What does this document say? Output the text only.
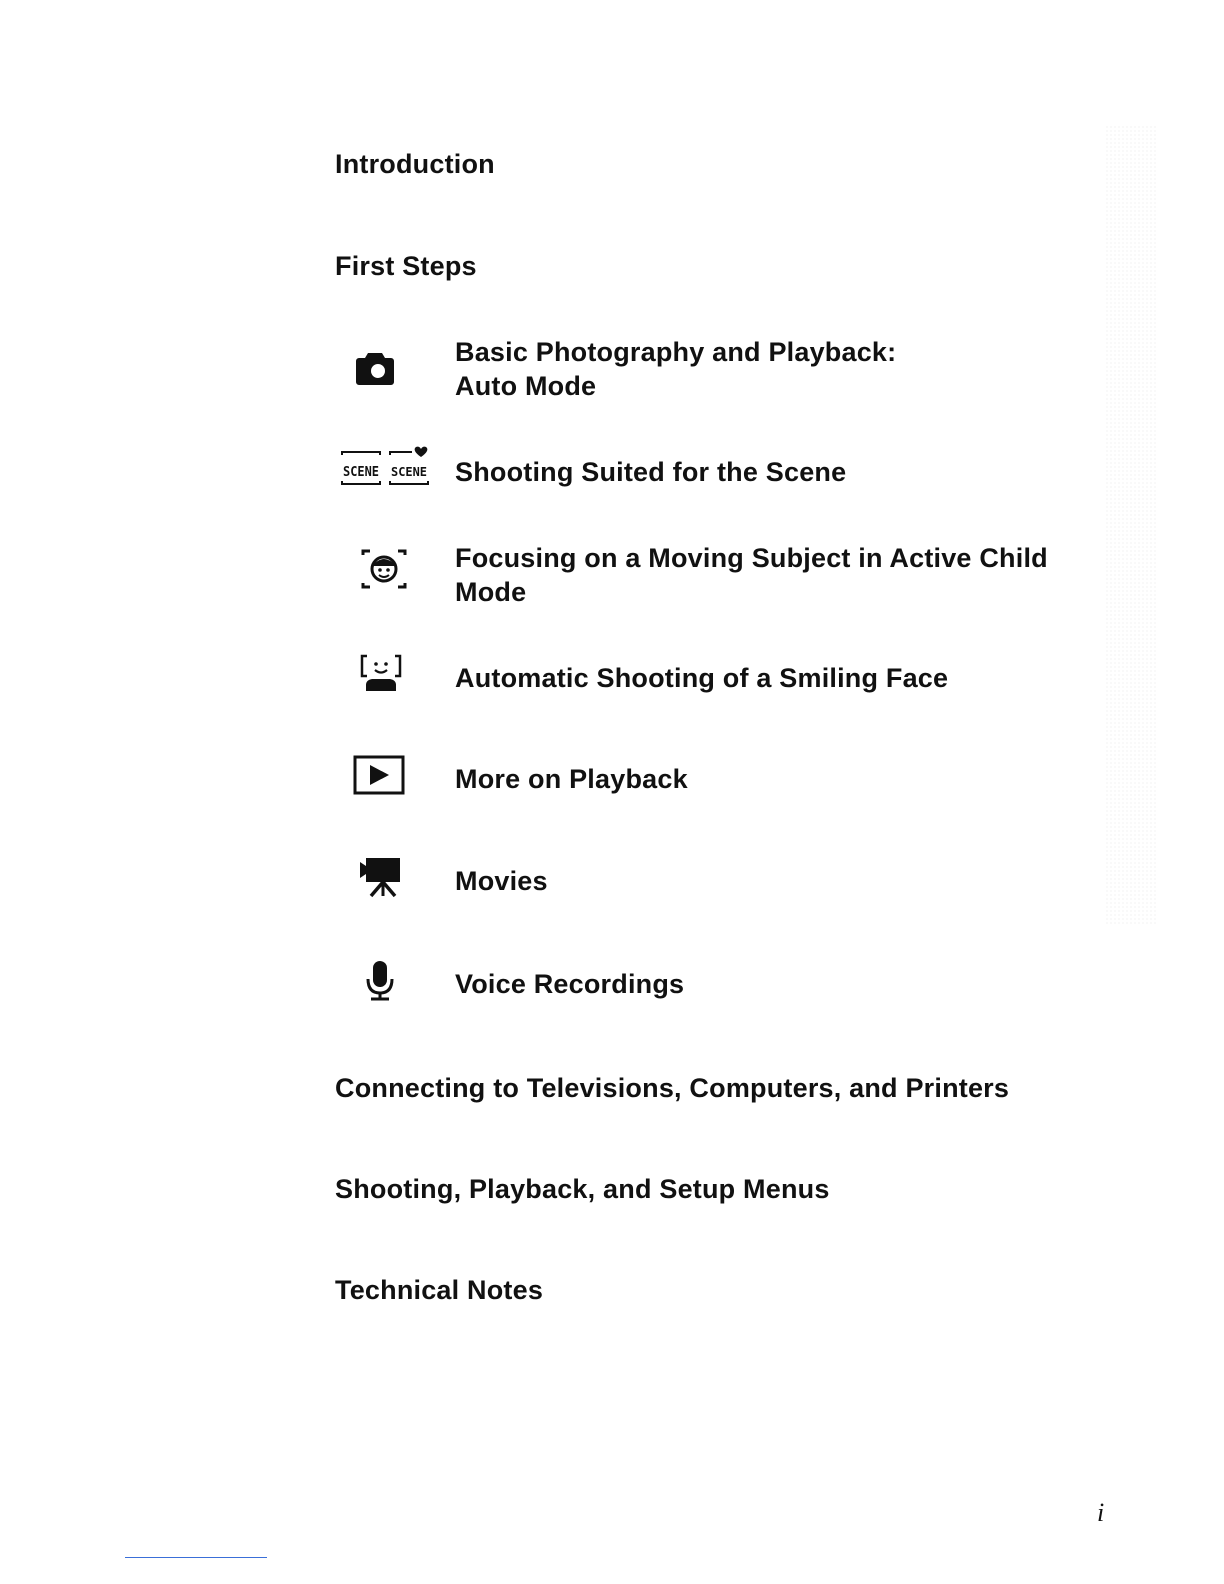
Introduction
First Steps
Basic Photography and Playback:
Auto Mode
SCENE SCENE Shooting Suited for the Scene
Focusing on a Moving Subject in Active Child
Mode
Automatic Shooting of a Smiling Face
More on Playback
Movies
Voice Recordings
Connecting to Televisions, Computers, and Printers
Shooting, Playback, and Setup Menus
Technical Notes
i
